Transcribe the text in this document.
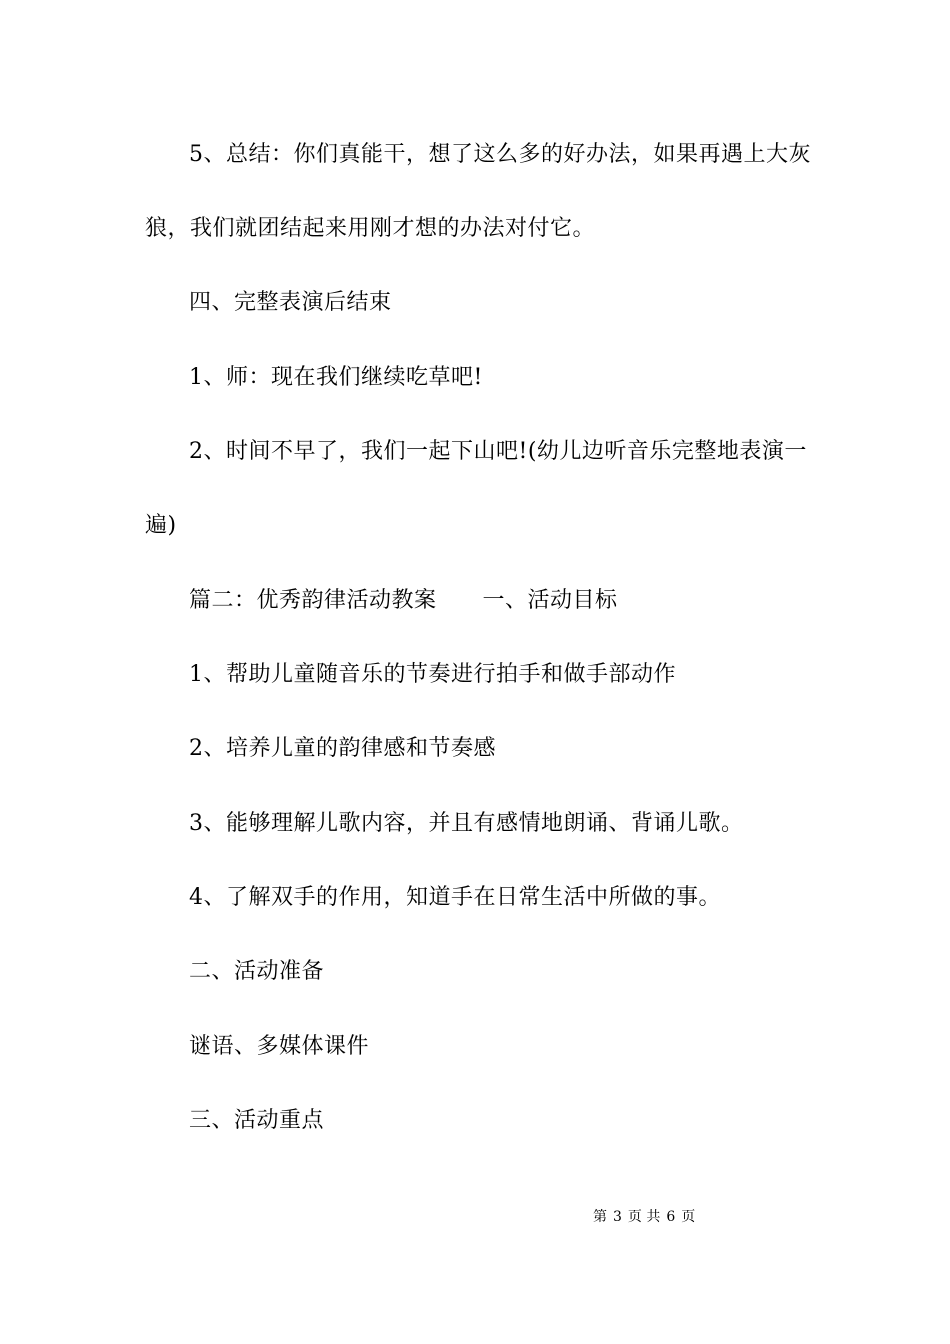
5、总结：你们真能干，想了这么多的好办法，如果再遇上大灰
狼，我们就团结起来用刚才想的办法对付它。
四、完整表演后结束
1、师：现在我们继续吃草吧!
2、时间不早了，我们一起下山吧!(幼儿边听音乐完整地表演一
遍)
篇二：优秀韵律活动教案 一、活动目标
1、帮助儿童随音乐的节奏进行拍手和做手部动作
2、培养儿童的韵律感和节奏感
3、能够理解儿歌内容，并且有感情地朗诵、背诵儿歌。
4、了解双手的作用，知道手在日常生活中所做的事。
二、活动准备
谜语、多媒体课件
三、活动重点
第 3 页 共 6 页
